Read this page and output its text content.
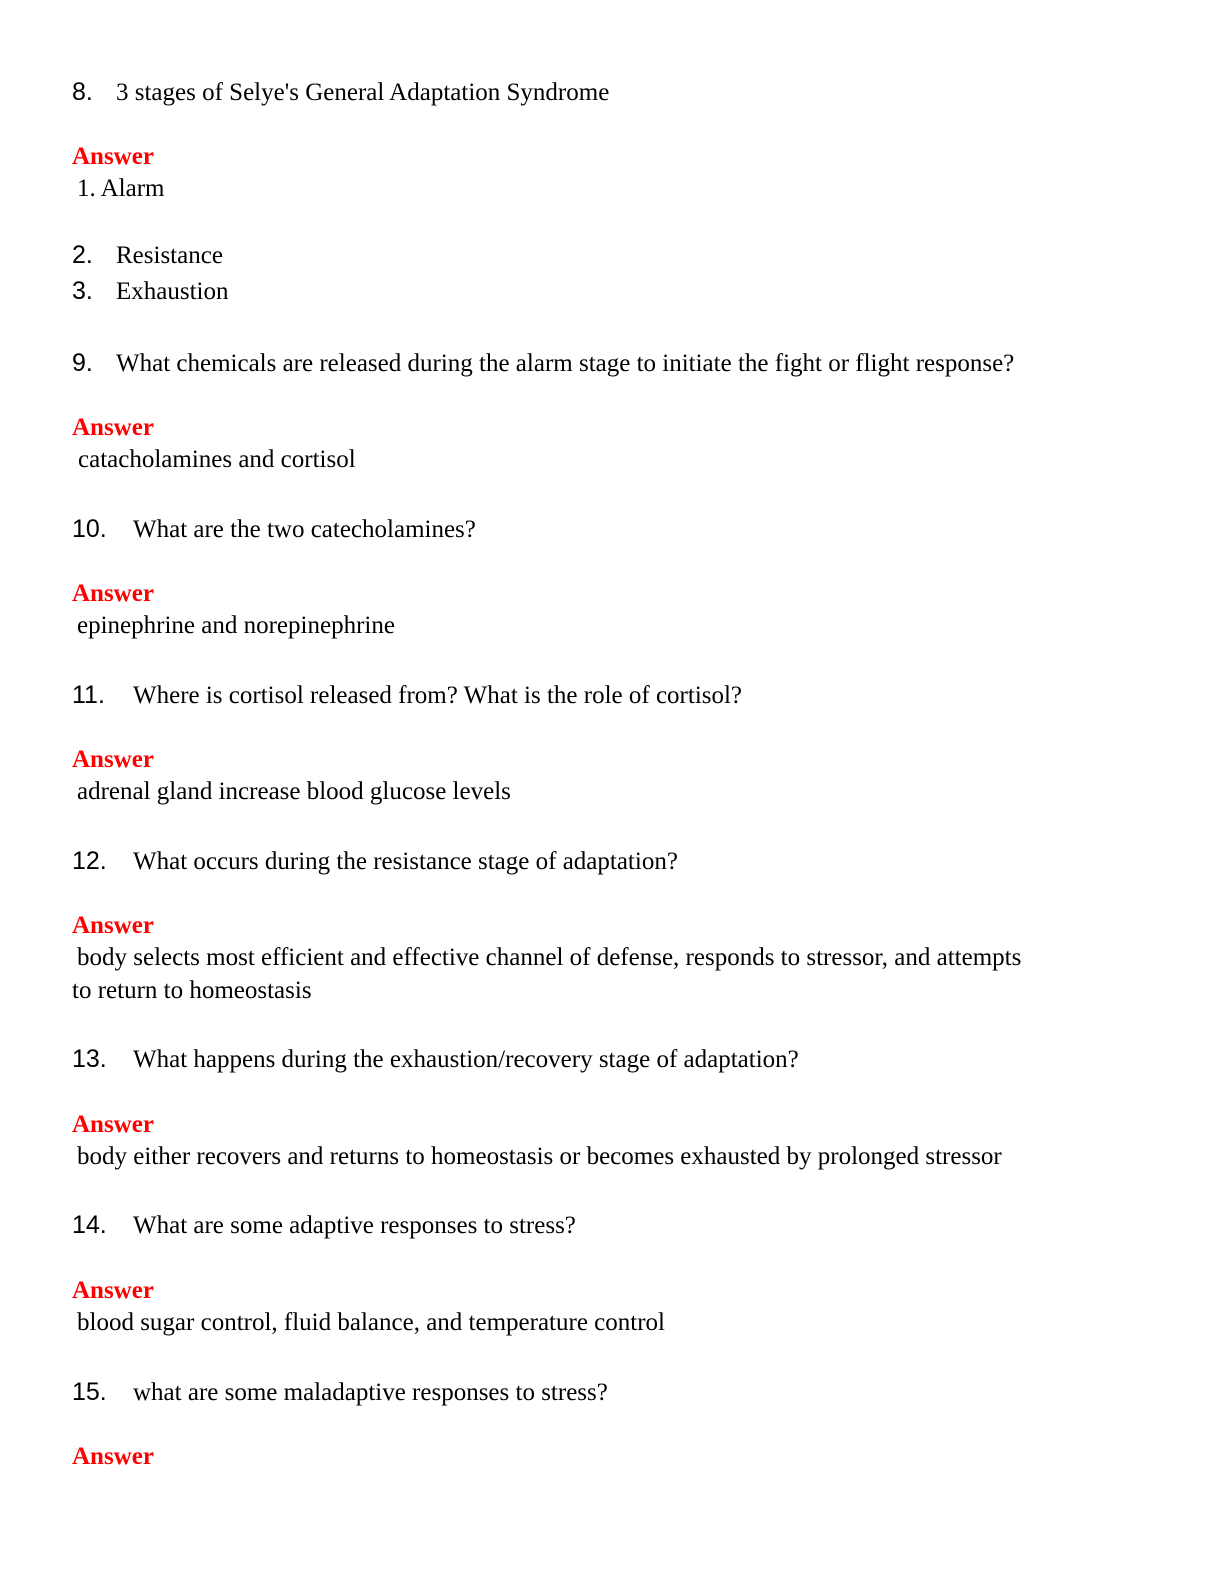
8. 3 stages of Selye's General Adaptation Syndrome
Answer
1. Alarm
2. Resistance
3. Exhaustion
9. What chemicals are released during the alarm stage to initiate the fight or flight response?
Answer
catacholamines and cortisol
10. What are the two catecholamines?
Answer
epinephrine and norepinephrine
11. Where is cortisol released from? What is the role of cortisol?
Answer
adrenal gland increase blood glucose levels
12. What occurs during the resistance stage of adaptation?
Answer
body selects most efficient and effective channel of defense, responds to stressor, and attempts
to return to homeostasis
13. What happens during the exhaustion/recovery stage of adaptation?
Answer
body either recovers and returns to homeostasis or becomes exhausted by prolonged stressor
14. What are some adaptive responses to stress?
Answer
blood sugar control, fluid balance, and temperature control
15. what are some maladaptive responses to stress?
Answer
